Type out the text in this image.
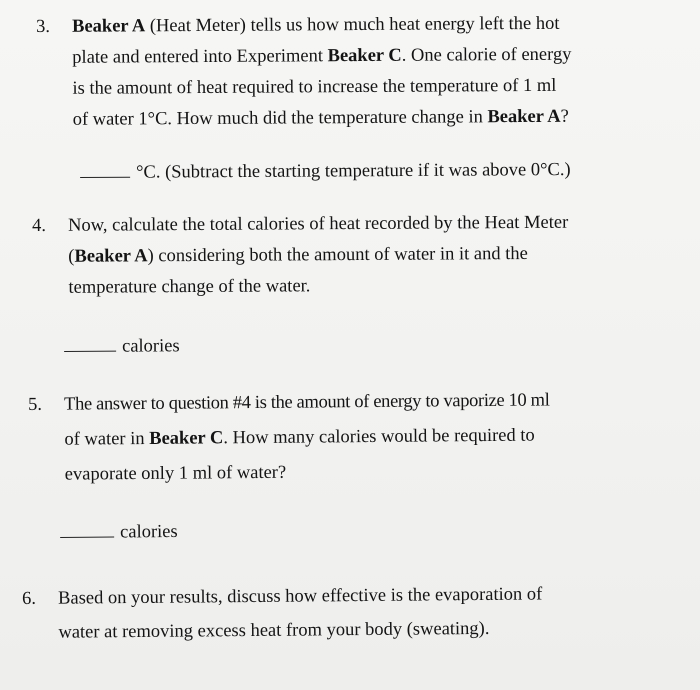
3.	Beaker A (Heat Meter) tells us how much heat energy left the hot
plate and entered into Experiment Beaker C. One calorie of energy
is the amount of heat required to increase the temperature of 1 ml
of water 1°C. How much did the temperature change in Beaker A?
°C. (Subtract the starting temperature if it was above 0°C.)
4.	Now, calculate the total calories of heat recorded by the Heat Meter
(Beaker A) considering both the amount of water in it and the
temperature change of the water.
calories
5.	The answer to question #4 is the amount of energy to vaporize 10 ml
of water in Beaker C. How many calories would be required to
evaporate only 1 ml of water?
calories
6.	Based on your results, discuss how effective is the evaporation of
water at removing excess heat from your body (sweating).
